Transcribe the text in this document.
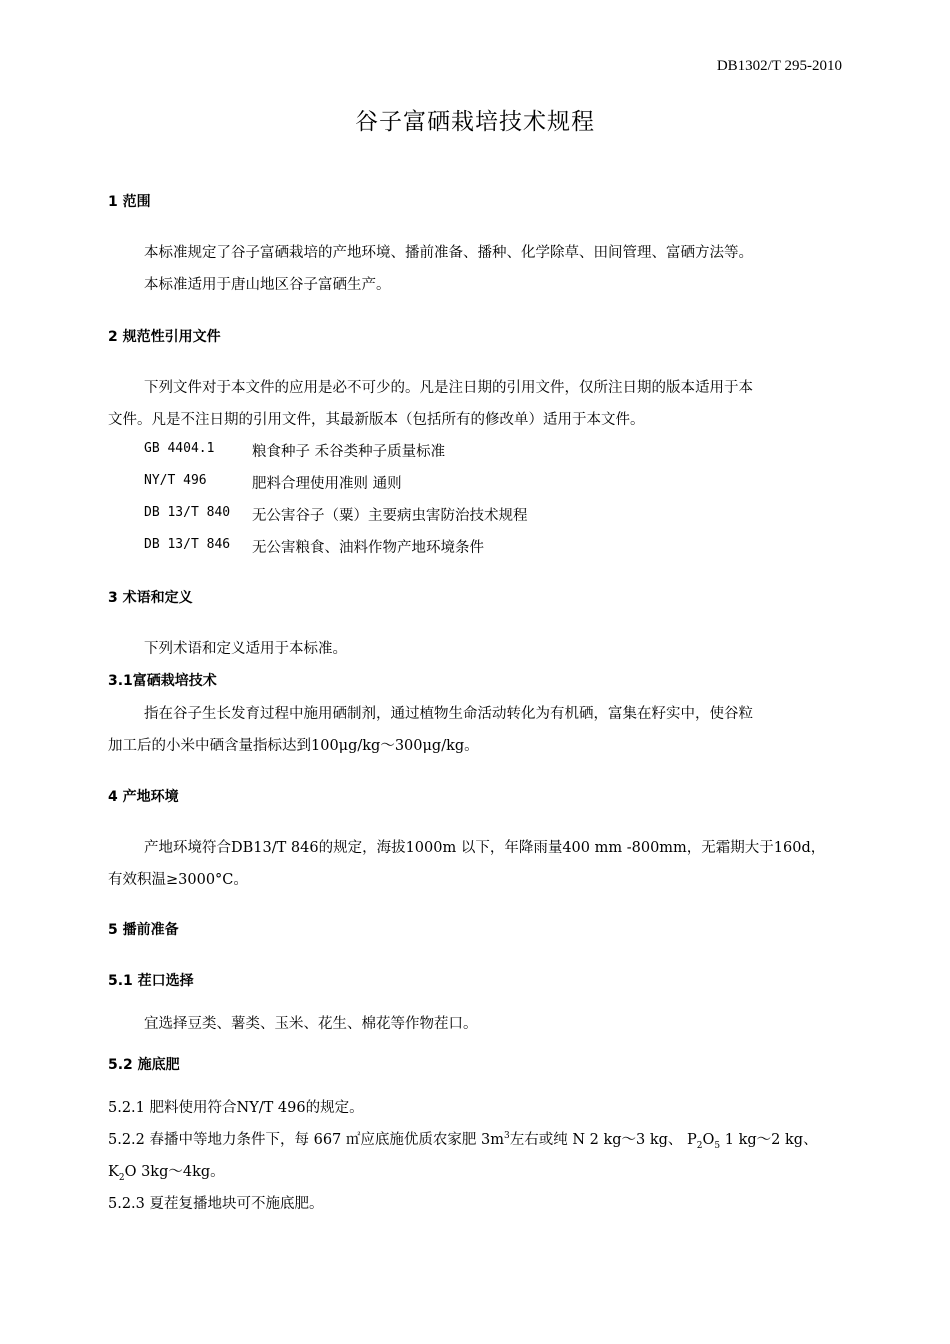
DB1302/T 295-2010
谷子富硒栽培技术规程
1 范围
本标准规定了谷子富硒栽培的产地环境、播前准备、播种、化学除草、田间管理、富硒方法等。
本标准适用于唐山地区谷子富硒生产。
2 规范性引用文件
下列文件对于本文件的应用是必不可少的。凡是注日期的引用文件，仅所注日期的版本适用于本
文件。凡是不注日期的引用文件，其最新版本（包括所有的修改单）适用于本文件。
GB 4404.1	粮食种子 禾谷类种子质量标准
NY/T 496	肥料合理使用准则 通则
DB 13/T 840 无公害谷子（粟）主要病虫害防治技术规程
DB 13/T 846 无公害粮食、油料作物产地环境条件
3 术语和定义
下列术语和定义适用于本标准。
3.1富硒栽培技术
指在谷子生长发育过程中施用硒制剂，通过植物生命活动转化为有机硒，富集在籽实中，使谷粒
加工后的小米中硒含量指标达到100μg/kg～300μg/kg。
4 产地环境
产地环境符合DB13/T 846的规定，海拔1000m 以下，年降雨量400 mm -800mm，无霜期大于160d，
有效积温≥3000°C。
5 播前准备
5.1 茬口选择
宜选择豆类、薯类、玉米、花生、棉花等作物茬口。
5.2 施底肥
5.2.1 肥料使用符合NY/T 496的规定。
5.2.2 春播中等地力条件下，每 667 ㎡应底施优质农家肥 $3m^3$左右或纯 N 2 kg～3 kg、 $P_2O_5$ 1 kg～2 kg、
$K_2O$ 3kg～4kg。
5.2.3 夏茬复播地块可不施底肥。
